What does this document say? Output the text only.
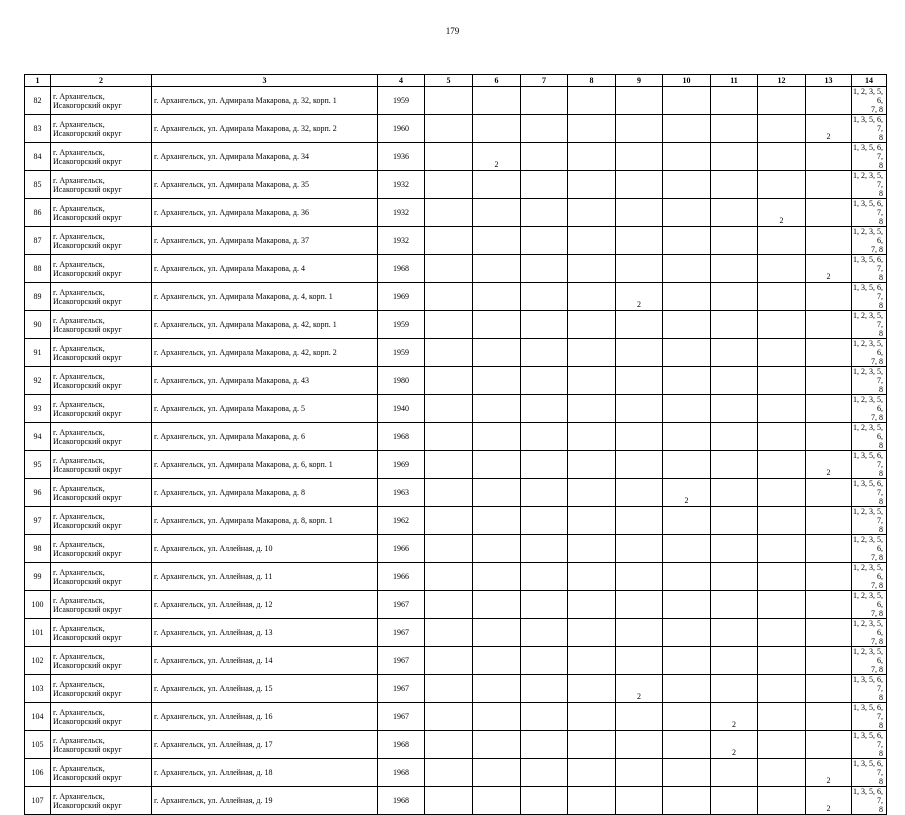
179
1	2	3	4	5	6	7	8	9	10	11	12	13	14
82	г. Архангельск,
Исакогорский округ	г. Архангельск, ул. Адмирала Макарова, д. 32, корп. 1	1959										1, 2, 3, 5, 6,
7, 8
83	г. Архангельск,
Исакогорский округ	г. Архангельск, ул. Адмирала Макарова, д. 32, корп. 2	1960									2	1, 3, 5, 6, 7,
8
84	г. Архангельск,
Исакогорский округ	г. Архангельск, ул. Адмирала Макарова, д. 34	1936		2								1, 3, 5, 6, 7,
8
85	г. Архангельск,
Исакогорский округ	г. Архангельск, ул. Адмирала Макарова, д. 35	1932										1, 2, 3, 5, 7,
8
86	г. Архангельск,
Исакогорский округ	г. Архангельск, ул. Адмирала Макарова, д. 36	1932								2		1, 3, 5, 6, 7,
8
87	г. Архангельск,
Исакогорский округ	г. Архангельск, ул. Адмирала Макарова, д. 37	1932										1, 2, 3, 5, 6,
7, 8
88	г. Архангельск,
Исакогорский округ	г. Архангельск, ул. Адмирала Макарова, д. 4	1968									2	1, 3, 5, 6, 7,
8
89	г. Архангельск,
Исакогорский округ	г. Архангельск, ул. Адмирала Макарова, д. 4, корп. 1	1969					2					1, 3, 5, 6, 7,
8
90	г. Архангельск,
Исакогорский округ	г. Архангельск, ул. Адмирала Макарова, д. 42, корп. 1	1959										1, 2, 3, 5, 7,
8
91	г. Архангельск,
Исакогорский округ	г. Архангельск, ул. Адмирала Макарова, д. 42, корп. 2	1959										1, 2, 3, 5, 6,
7, 8
92	г. Архангельск,
Исакогорский округ	г. Архангельск, ул. Адмирала Макарова, д. 43	1980										1, 2, 3, 5, 7,
8
93	г. Архангельск,
Исакогорский округ	г. Архангельск, ул. Адмирала Макарова, д. 5	1940										1, 2, 3, 5, 6,
7, 8
94	г. Архангельск,
Исакогорский округ	г. Архангельск, ул. Адмирала Макарова, д. 6	1968										1, 2, 3, 5, 6,
8
95	г. Архангельск,
Исакогорский округ	г. Архангельск, ул. Адмирала Макарова, д. 6, корп. 1	1969									2	1, 3, 5, 6, 7,
8
96	г. Архангельск,
Исакогорский округ	г. Архангельск, ул. Адмирала Макарова, д. 8	1963						2				1, 3, 5, 6, 7,
8
97	г. Архангельск,
Исакогорский округ	г. Архангельск, ул. Адмирала Макарова, д. 8, корп. 1	1962										1, 2, 3, 5, 7,
8
98	г. Архангельск,
Исакогорский округ	г. Архангельск, ул. Аллейная, д. 10	1966										1, 2, 3, 5, 6,
7, 8
99	г. Архангельск,
Исакогорский округ	г. Архангельск, ул. Аллейная, д. 11	1966										1, 2, 3, 5, 6,
7, 8
100	г. Архангельск,
Исакогорский округ	г. Архангельск, ул. Аллейная, д. 12	1967										1, 2, 3, 5, 6,
7, 8
101	г. Архангельск,
Исакогорский округ	г. Архангельск, ул. Аллейная, д. 13	1967										1, 2, 3, 5, 6,
7, 8
102	г. Архангельск,
Исакогорский округ	г. Архангельск, ул. Аллейная, д. 14	1967										1, 2, 3, 5, 6,
7, 8
103	г. Архангельск,
Исакогорский округ	г. Архангельск, ул. Аллейная, д. 15	1967					2					1, 3, 5, 6, 7,
8
104	г. Архангельск,
Исакогорский округ	г. Архангельск, ул. Аллейная, д. 16	1967							2			1, 3, 5, 6, 7,
8
105	г. Архангельск,
Исакогорский округ	г. Архангельск, ул. Аллейная, д. 17	1968							2			1, 3, 5, 6, 7,
8
106	г. Архангельск,
Исакогорский округ	г. Архангельск, ул. Аллейная, д. 18	1968									2	1, 3, 5, 6, 7,
8
107	г. Архангельск,
Исакогорский округ	г. Архангельск, ул. Аллейная, д. 19	1968									2	1, 3, 5, 6, 7,
8
